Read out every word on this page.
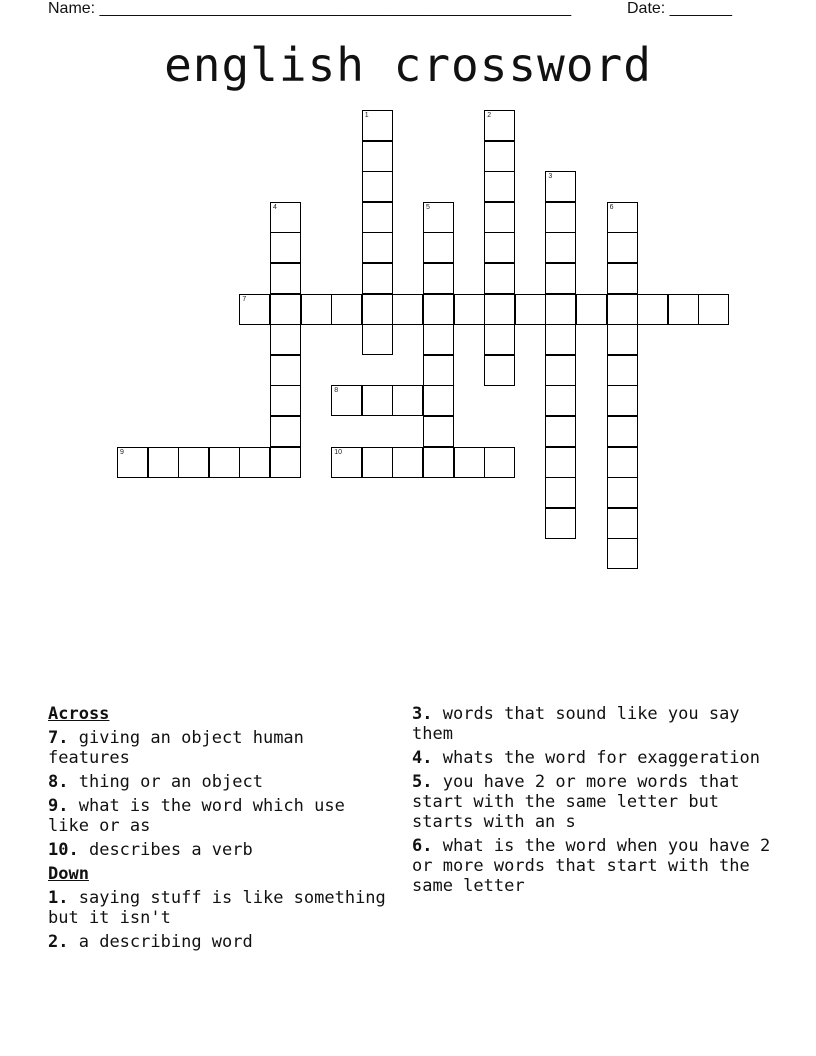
Name: _____________________________________________________	Date: _______
english crossword
1	2
3
4	5	6
7
8
9	10
Across
7. giving an object human features
8. thing or an object
9. what is the word which use like or as
10. describes a verb
Down
1. saying stuff is like something but it isn't
2. a describing word
3. words that sound like you say them
4. whats the word for exaggeration
5. you have 2 or more words that start with the same letter but starts with an s
6. what is the word when you have 2 or more words that start with the same letter
